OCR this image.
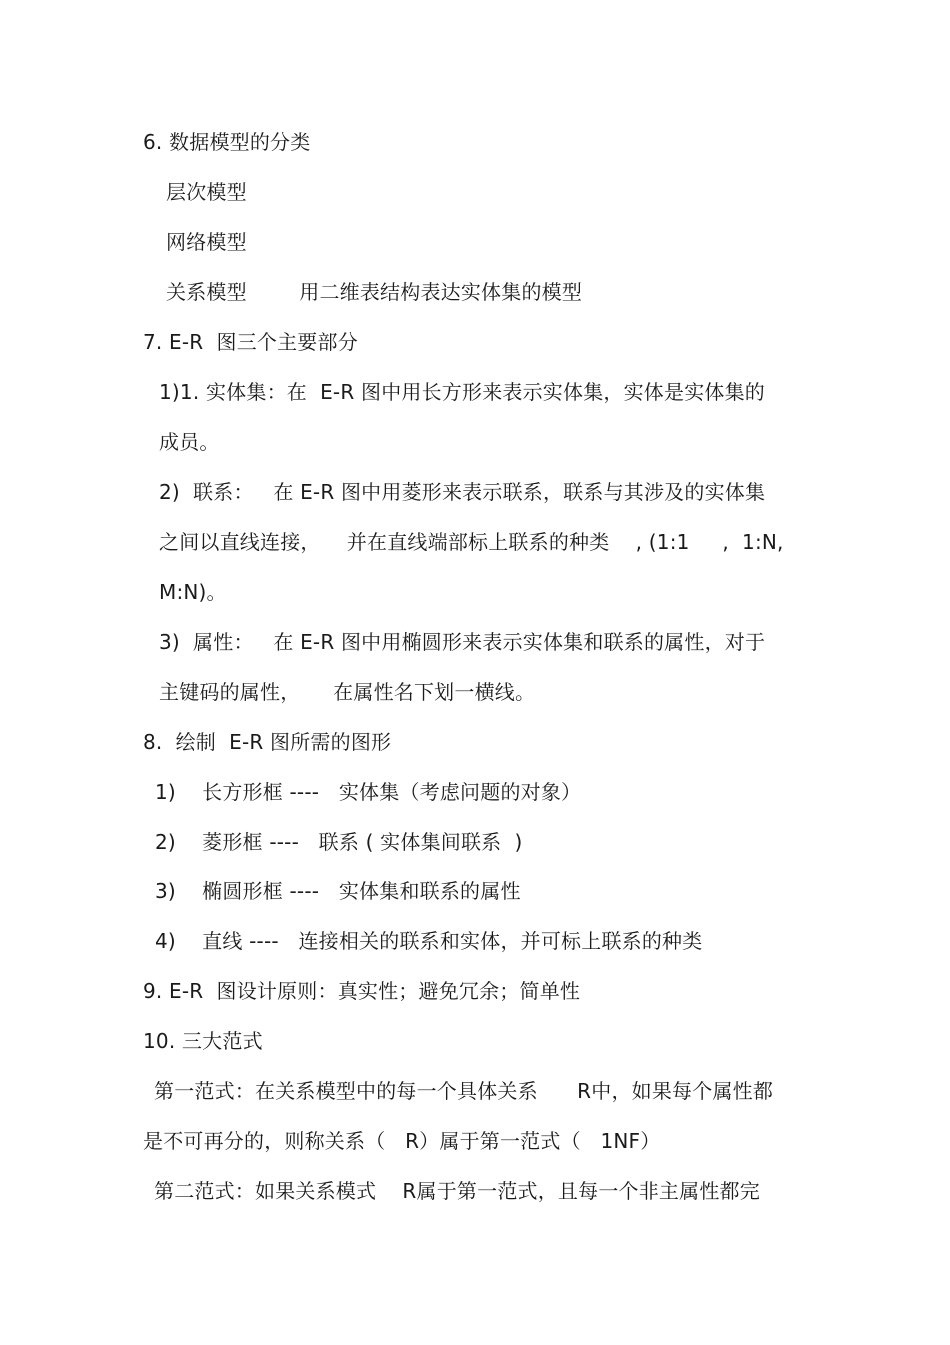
6. 数据模型的分类
层次模型
网络模型
关系模型        用二维表结构表达实体集的模型
7. E-R  图三个主要部分
1)1. 实体集：在  E-R 图中用长方形来表示实体集，实体是实体集的
成员。
2)  联系：   在 E-R 图中用菱形来表示联系，联系与其涉及的实体集
之间以直线连接，    并在直线端部标上联系的种类    , (1:1     ,  1:N,
M:N)。
3)  属性：   在 E-R 图中用椭圆形来表示实体集和联系的属性，对于
主键码的属性，     在属性名下划一横线。
8.  绘制  E-R 图所需的图形
1)    长方形框 ----   实体集（考虑问题的对象）
2)    菱形框 ----   联系 ( 实体集间联系  )
3)    椭圆形框 ----   实体集和联系的属性
4)    直线 ----   连接相关的联系和实体，并可标上联系的种类
9. E-R  图设计原则：真实性；避免冗余；简单性
10. 三大范式
第一范式：在关系模型中的每一个具体关系      R中，如果每个属性都
是不可再分的，则称关系（   R）属于第一范式（   1NF）
第二范式：如果关系模式    R属于第一范式，且每一个非主属性都完
